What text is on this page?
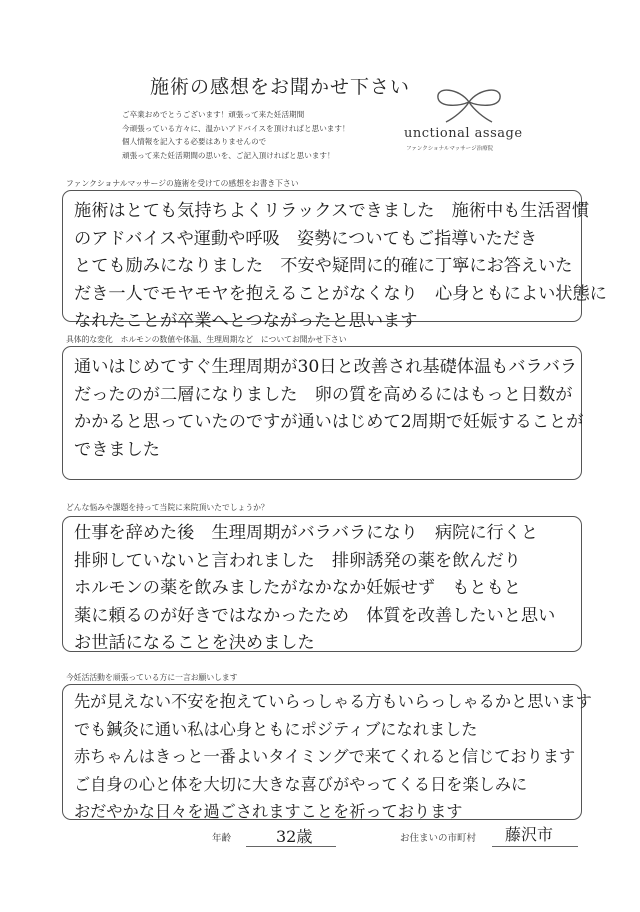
施術の感想をお聞かせ下さい
ご卒業おめでとうございます！頑張って来た妊活期間
今頑張っている方々に、温かいアドバイスを頂ければと思います！
個人情報を記入する必要はありませんので
頑張って来た妊活期間の思いを、ご記入頂ければと思います！
unctional assage
ファンクショナルマッサージ治療院
ファンクショナルマッサージの施術を受けての感想をお書き下さい
施術はとても気持ちよくリラックスできました　施術中も生活習慣
のアドバイスや運動や呼吸　姿勢についてもご指導いただき
とても励みになりました　不安や疑問に的確に丁寧にお答えいた
だき一人でモヤモヤを抱えることがなくなり　心身ともによい状態に
なれたことが卒業へとつながったと思います
具体的な変化　ホルモンの数値や体温、生理周期など　についてお聞かせ下さい
通いはじめてすぐ生理周期が30日と改善され基礎体温もバラバラ
だったのが二層になりました　卵の質を高めるにはもっと日数が
かかると思っていたのですが通いはじめて2周期で妊娠することが
できました
どんな悩みや課題を持って当院に来院頂いたでしょうか？
仕事を辞めた後　生理周期がバラバラになり　病院に行くと
排卵していないと言われました　排卵誘発の薬を飲んだり
ホルモンの薬を飲みましたがなかなか妊娠せず　もともと
薬に頼るのが好きではなかったため　体質を改善したいと思い
お世話になることを決めました
今妊活活動を頑張っている方に一言お願いします
先が見えない不安を抱えていらっしゃる方もいらっしゃるかと思います
でも鍼灸に通い私は心身ともにポジティブになれました
赤ちゃんはきっと一番よいタイミングで来てくれると信じております
ご自身の心と体を大切に大きな喜びがやってくる日を楽しみに
おだやかな日々を過ごされますことを祈っております
年齢	32歳	お住まいの市町村 藤沢市
